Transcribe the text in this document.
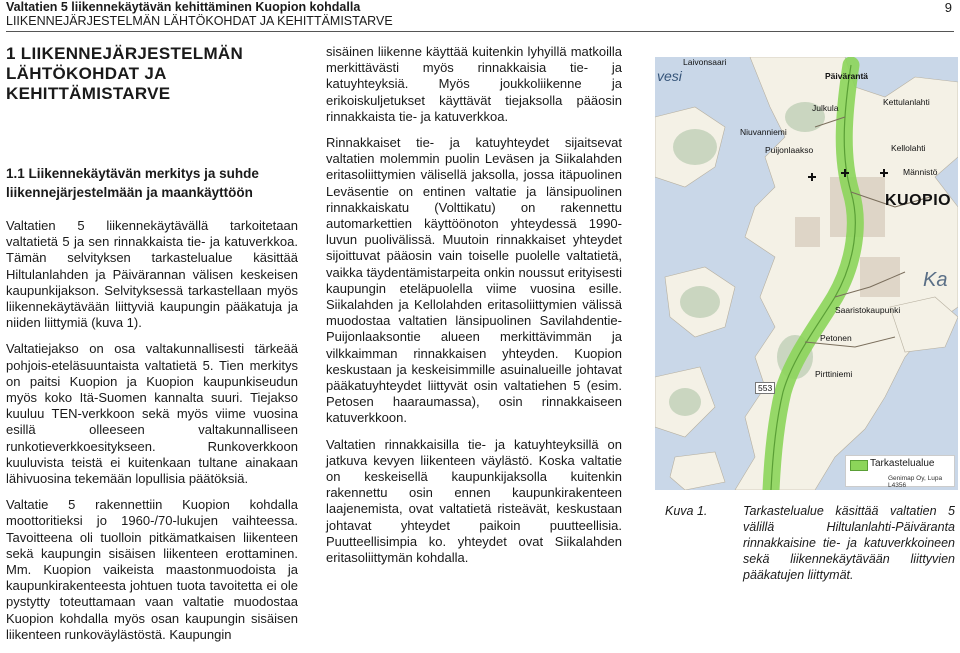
Valtatien 5 liikennekäytävän kehittäminen Kuopion kohdalla
LIIKENNEJÄRJESTELMÄN LÄHTÖKOHDAT JA KEHITTÄMISTARVE
9
1 LIIKENNEJÄRJESTELMÄN
LÄHTÖKOHDAT JA
KEHITTÄMISTARVE
1.1 Liikennekäytävän merkitys ja suhde
liikennejärjestelmään ja maankäyttöön

Valtatien 5 liikennekäytävällä tarkoitetaan valtatietä 5 ja sen rinnakkaista tie- ja katuverkkoa. Tämän selvityksen tarkastelualue käsittää Hiltulanlahden ja Päivärannan välisen keskeisen kaupunkijakson. Selvityksessä tarkastellaan myös liikennekäytävään liittyviä kaupungin pääkatuja ja niiden liittymiä (kuva 1).

Valtatiejakso on osa valtakunnallisesti tärkeää pohjois-eteläsuuntaista valtatietä 5. Tien merkitys on paitsi Kuopion ja Kuopion kaupunkiseudun myös koko Itä-Suomen kannalta suuri. Tiejakso kuuluu TEN-verkkoon sekä myös viime vuosina esillä olleeseen valtakunnalliseen runkotieverkkoesitykseen. Runkoverkkoon kuuluvista teistä ei kuitenkaan tultane ainakaan lähivuosina tekemään lopullisia päätöksiä.

Valtatie 5 rakennettiin Kuopion kohdalla moottoritieksi jo 1960-/70-lukujen vaihteessa. Tavoitteena oli tuolloin pitkämatkaisen liikenteen sekä kaupungin sisäisen liikenteen erottaminen. Mm. Kuopion vaikeista maastonmuodoista ja kaupunkirakenteesta johtuen tuota tavoitetta ei ole pystytty toteuttamaan vaan valtatie muodostaa Kuopion kohdalla myös osan kaupungin sisäisen liikenteen runkoväylästöstä. Kaupungin

sisäinen liikenne käyttää kuitenkin lyhyillä matkoilla merkittävästi myös rinnakkaisia tie- ja katuyhteyksiä. Myös joukkoliikenne ja erikoiskuljetukset käyttävät tiejaksolla pääosin rinnakkaista tie- ja katuverkkoa.

Rinnakkaiset tie- ja katuyhteydet sijaitsevat valtatien molemmin puolin Leväsen ja Siikalahden eritasoliittymien välisellä jaksolla, jossa itäpuolinen Leväsentie on entinen valtatie ja länsipuolinen rinnakkaiskatu (Volttikatu) on rakennettu automarkettien käyttöönoton yhteydessä 1990-luvun puolivälissä. Muutoin rinnakkaiset yhteydet sijoittuvat pääosin vain toiselle puolelle valtatietä, vaikka täydentämistarpeita onkin noussut erityisesti kaupungin eteläpuolella viime vuosina esille. Siikalahden ja Kellolahden eritasoliittymien välissä muodostaa valtatien länsipuolinen Savilahdentie-Puijonlaaksontie alueen merkittävimmän ja vilkkaimman rinnakkaisen yhteyden. Kuopion keskustaan ja keskeisimmille asuinalueille johtavat pääkatuyhteydet liittyvät osin valtatiehen 5 (esim. Petosen haaraumassa), osin rinnakkaiseen katuverkkoon.

Valtatien rinnakkaisilla tie- ja katuyhteyksillä on jatkuva kevyen liikenteen väylästö. Koska valtatie on keskeisellä kaupunkijaksolla kuitenkin rakennettu osin ennen kaupunkirakenteen laajenemista, ovat valtatietä risteävät, keskustaan johtavat yhteydet paikoin puutteellisia. Puutteellisimpia ko. yhteydet ovat Siikalahden eritasoliittymän kohdalla.

Laivonsaari
vesi	Päivärantä
Julkula
Kettulanlahti
Niuvanniemi
Puijonlaakso	Kellolahti
Männistö
KUOPIO
Ka
Saaristokaupunki
Petonen
Pirttiniemi
553
Tarkastelualue
Genimap Oy, Lupa L4356
Kuva 1.	Tarkastelualue käsittää valtatien 5 välillä Hiltulanlahti-Päiväranta rinnakkaisine tie- ja katuverkkoineen sekä liikennekäytävään liittyvien pääkatujen liittymät.
